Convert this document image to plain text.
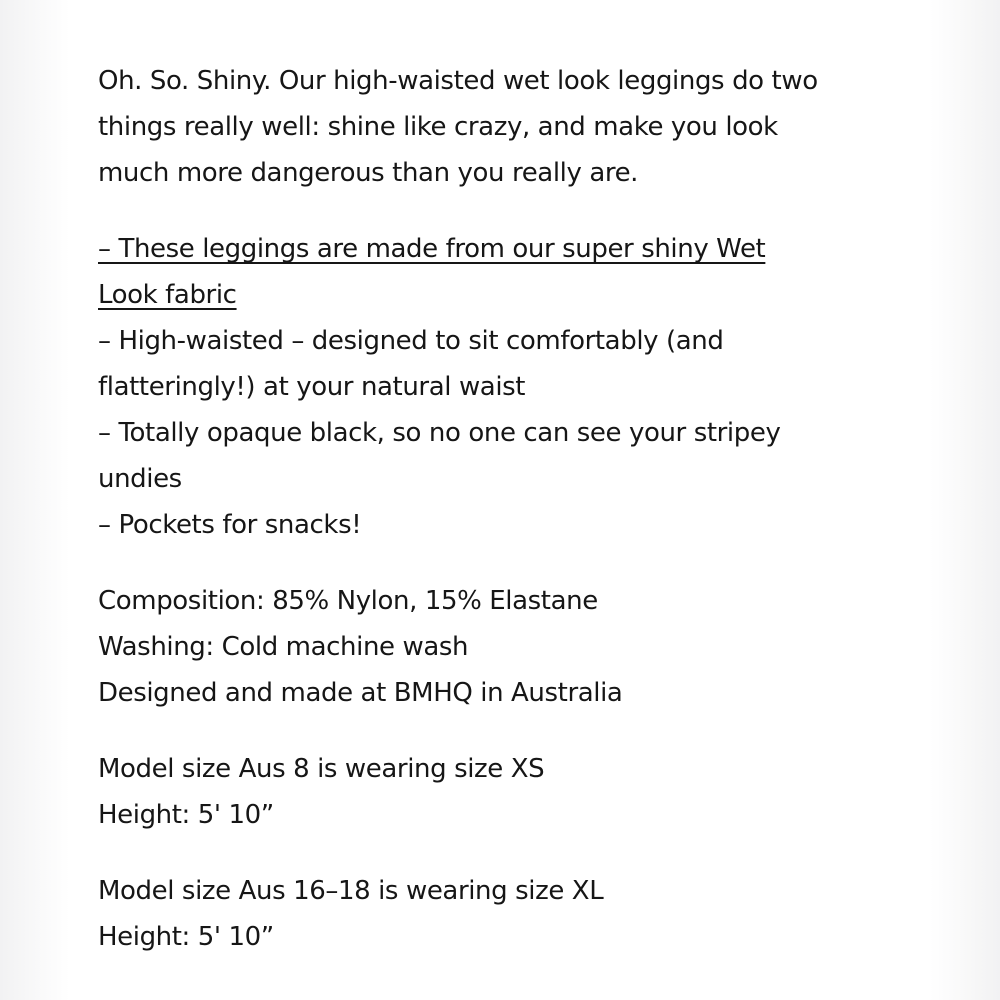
Oh. So. Shiny. Our high-waisted wet look leggings do two
things really well: shine like crazy, and make you look
much more dangerous than you really are.
– These leggings are made from our super shiny Wet
Look fabric
– High-waisted – designed to sit comfortably (and
flatteringly!) at your natural waist
– Totally opaque black, so no one can see your stripey
undies
– Pockets for snacks!
Composition: 85% Nylon, 15% Elastane
Washing: Cold machine wash
Designed and made at BMHQ in Australia
Model size Aus 8 is wearing size XS
Height: 5' 10”
Model size Aus 16–18 is wearing size XL
Height: 5' 10”
